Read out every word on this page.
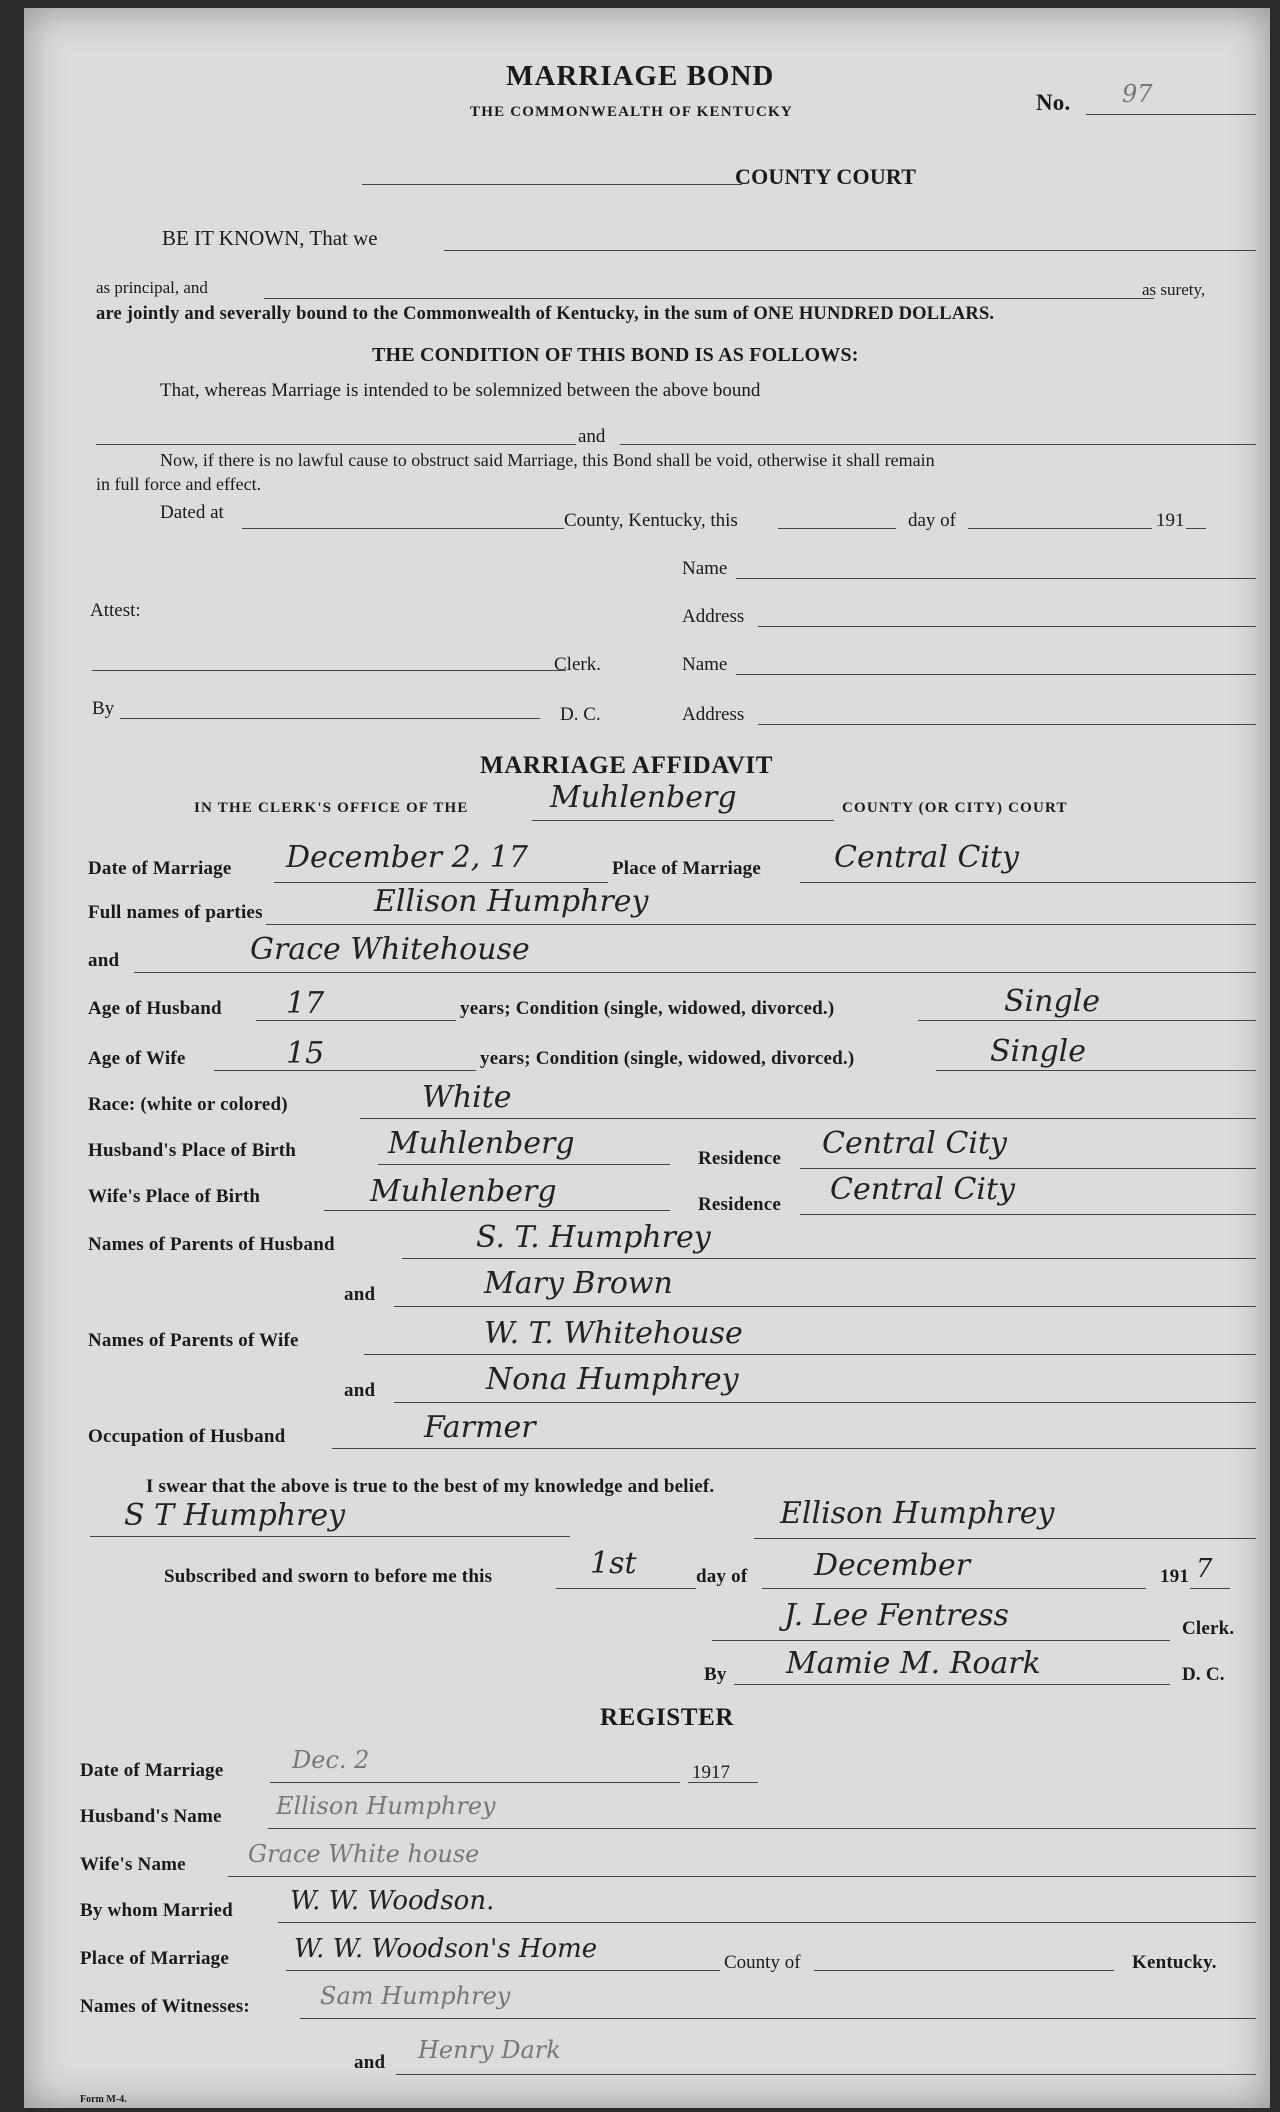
MARRIAGE BOND
THE COMMONWEALTH OF KENTUCKY	No. 97
COUNTY COURT
BE IT KNOWN, That we
as principal, and	as surety,
are jointly and severally bound to the Commonwealth of Kentucky, in the sum of ONE HUNDRED DOLLARS.
THE CONDITION OF THIS BOND IS AS FOLLOWS:
That, whereas Marriage is intended to be solemnized between the above bound
and
Now, if there is no lawful cause to obstruct said Marriage, this Bond shall be void, otherwise it shall remain
in full force and effect.
Dated at	County, Kentucky, this	day of	191
Name
Attest:	Address
Clerk.	Name
By	D. C.	Address
MARRIAGE AFFIDAVIT
IN THE CLERK'S OFFICE OF THE	Muhlenberg	COUNTY (OR CITY) COURT
Date of Marriage December 2, 17	Place of Marriage Central City
Full names of parties	Ellison Humphrey
and	Grace Whitehouse
Age of Husband 17	years; Condition (single, widowed, divorced.)	Single
Age of Wife	15	years; Condition (single, widowed, divorced.)	Single
Race: (white or colored)	White
Husband's Place of Birth	Muhlenberg	Residence Central City
Wife's Place of Birth	Muhlenberg	Residence Central City
Names of Parents of Husband	S. T. Humphrey
and	Mary Brown
Names of Parents of Wife	W. T. Whitehouse
and	Nona Humphrey
Occupation of Husband	Farmer
I swear that the above is true to the best of my knowledge and belief.
S T Humphrey	Ellison Humphrey
Subscribed and sworn to before me this	1st	day of December	191 7
J. Lee Fentress	Clerk.
By Mamie M. Roark	D. C.
REGISTER
Date of Marriage	Dec. 2	1917
Husband's Name Ellison Humphrey
Wife's Name	Grace White house
By whom Married W. W. Woodson.
Place of Marriage	W. W. Woodson's Home	County of	Kentucky.
Names of Witnesses:	Sam Humphrey
and Henry Dark
Form M-4.
